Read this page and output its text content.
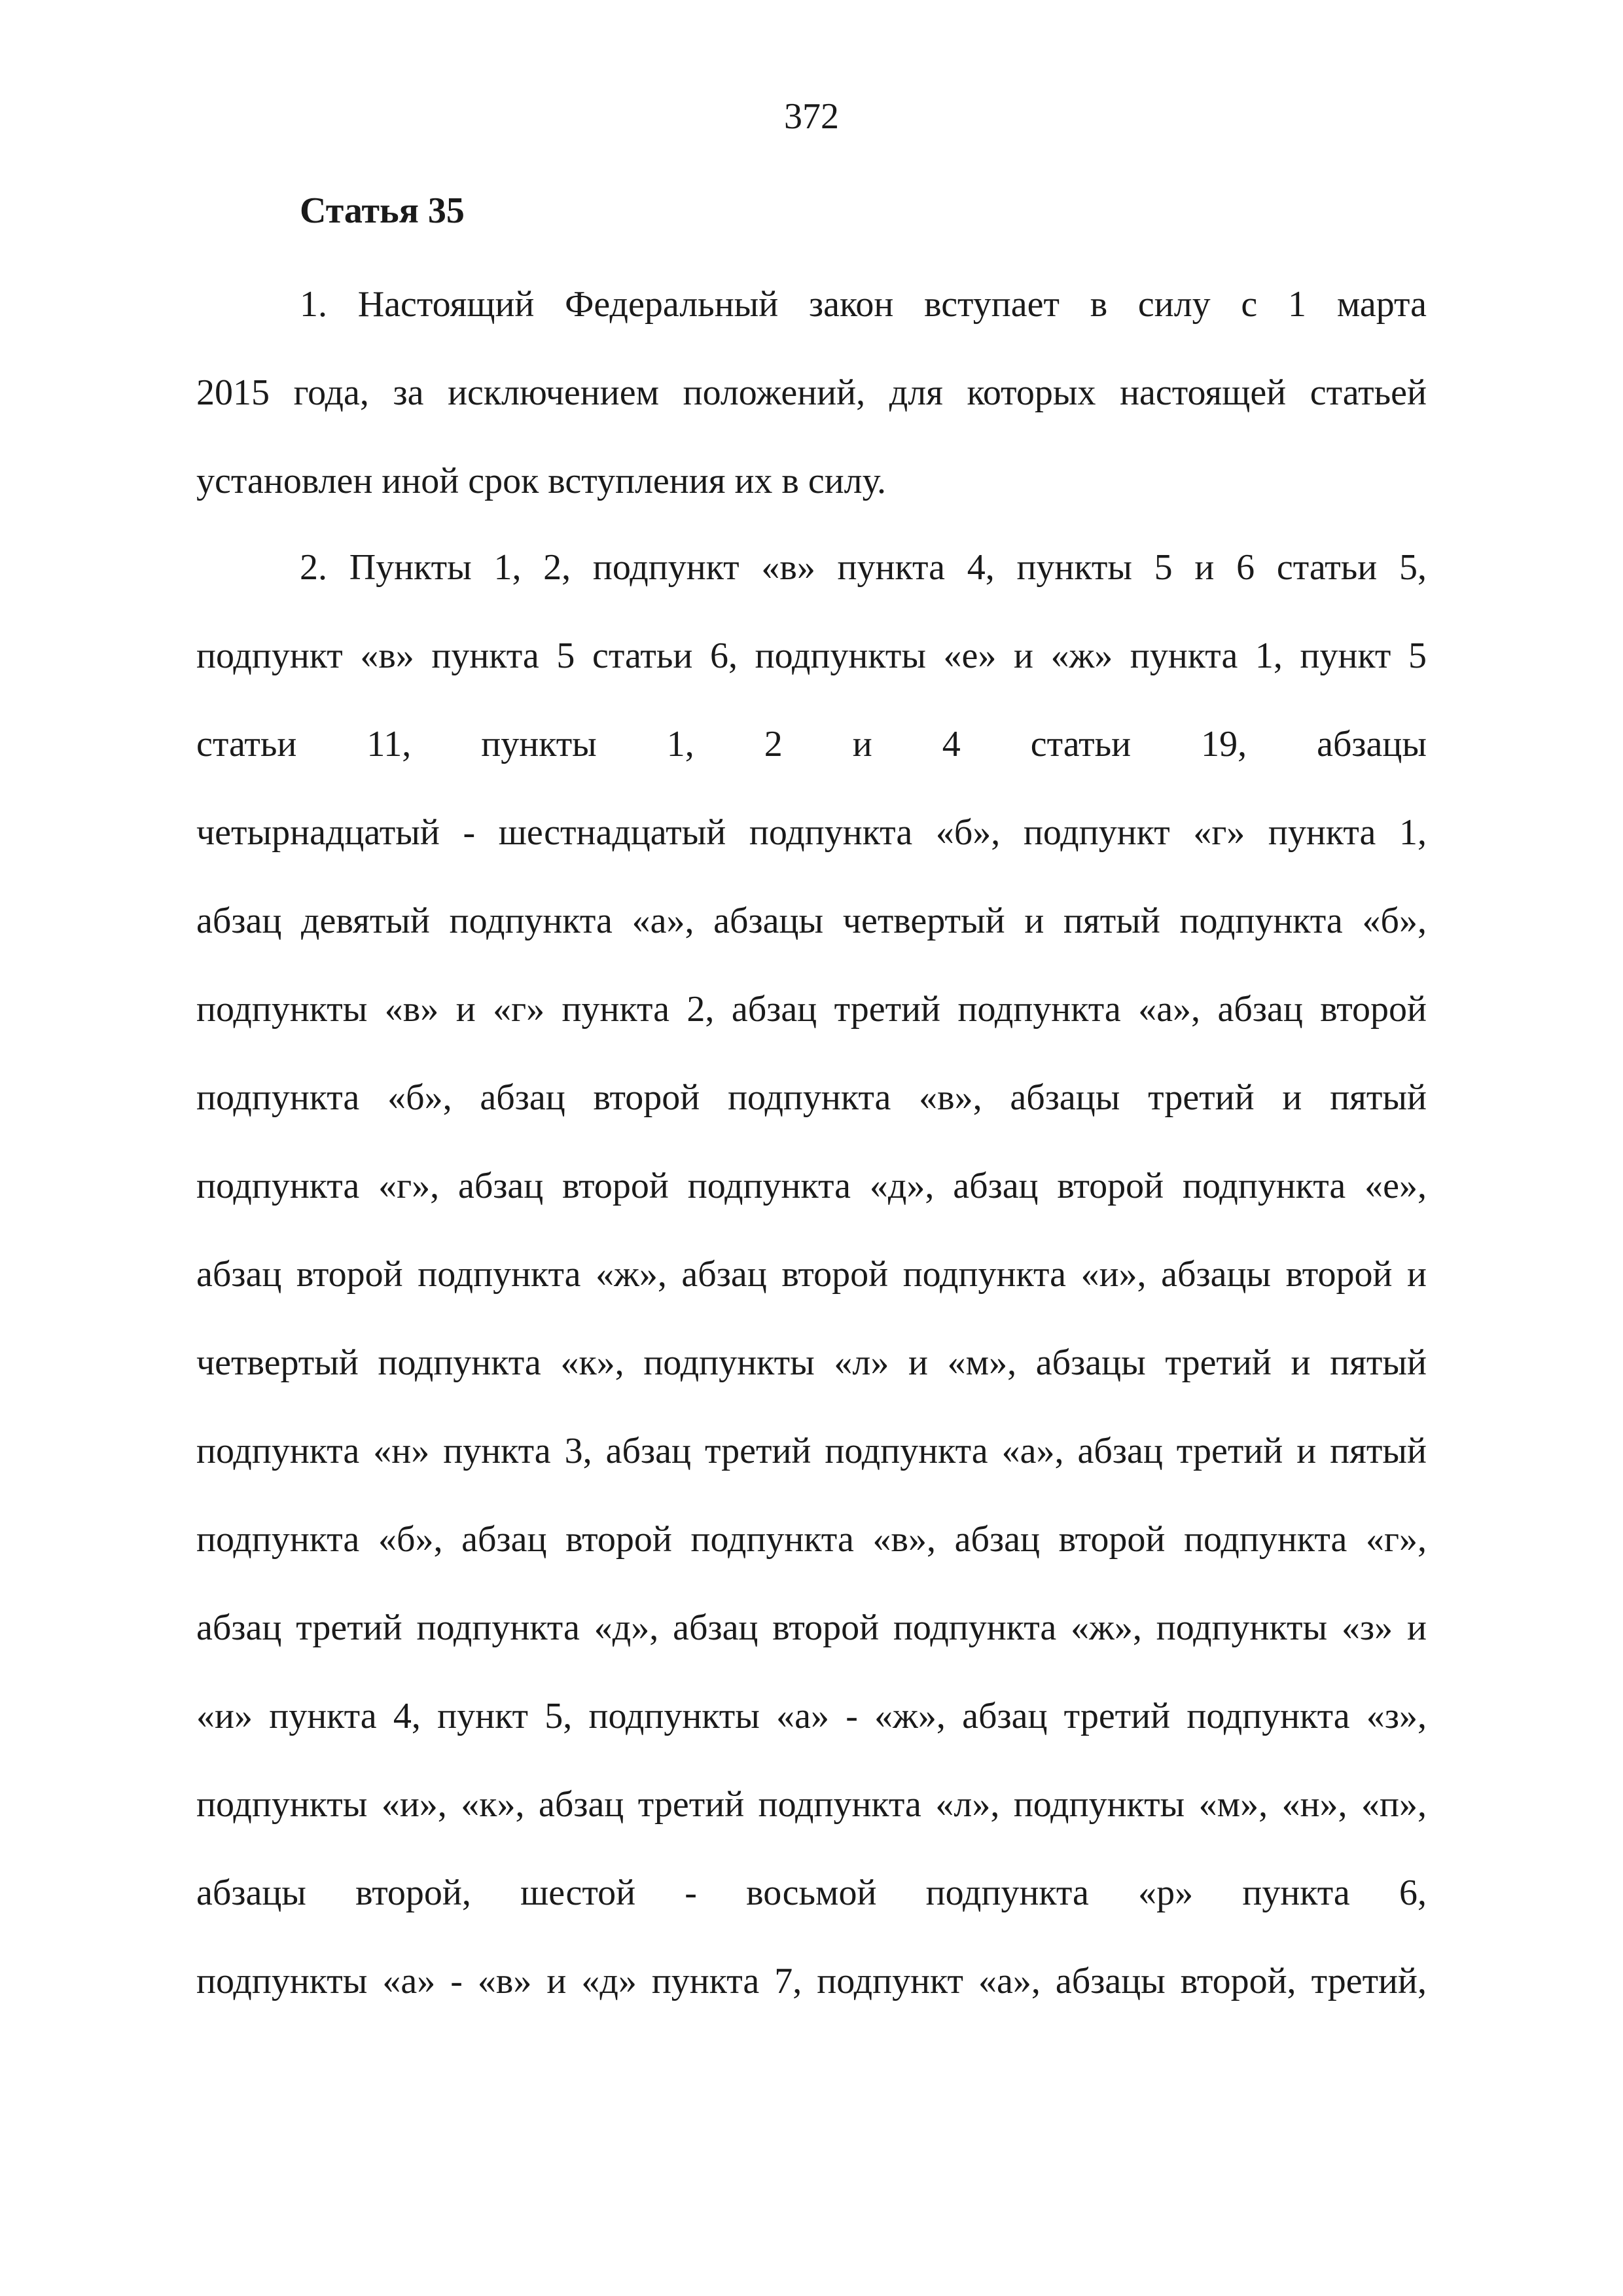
372
Статья 35
1. Настоящий Федеральный закон вступает в силу с 1 марта
2015 года, за исключением положений, для которых настоящей статьей
установлен иной срок вступления их в силу.
2. Пункты 1, 2, подпункт «в» пункта 4, пункты 5 и 6 статьи 5,
подпункт «в» пункта 5 статьи 6, подпункты «е» и «ж» пункта 1, пункт 5
статьи 11, пункты 1, 2 и 4 статьи 19, абзацы
четырнадцатый - шестнадцатый подпункта «б», подпункт «г» пункта 1,
абзац девятый подпункта «а», абзацы четвертый и пятый подпункта «б»,
подпункты «в» и «г» пункта 2, абзац третий подпункта «а», абзац второй
подпункта «б», абзац второй подпункта «в», абзацы третий и пятый
подпункта «г», абзац второй подпункта «д», абзац второй подпункта «е»,
абзац второй подпункта «ж», абзац второй подпункта «и», абзацы второй и
четвертый подпункта «к», подпункты «л» и «м», абзацы третий и пятый
подпункта «н» пункта 3, абзац третий подпункта «а», абзац третий и пятый
подпункта «б», абзац второй подпункта «в», абзац второй подпункта «г»,
абзац третий подпункта «д», абзац второй подпункта «ж», подпункты «з» и
«и» пункта 4, пункт 5, подпункты «а» - «ж», абзац третий подпункта «з»,
подпункты «и», «к», абзац третий подпункта «л», подпункты «м», «н», «п»,
абзацы второй, шестой - восьмой подпункта «р» пункта 6,
подпункты «а» - «в» и «д» пункта 7, подпункт «а», абзацы второй, третий,
